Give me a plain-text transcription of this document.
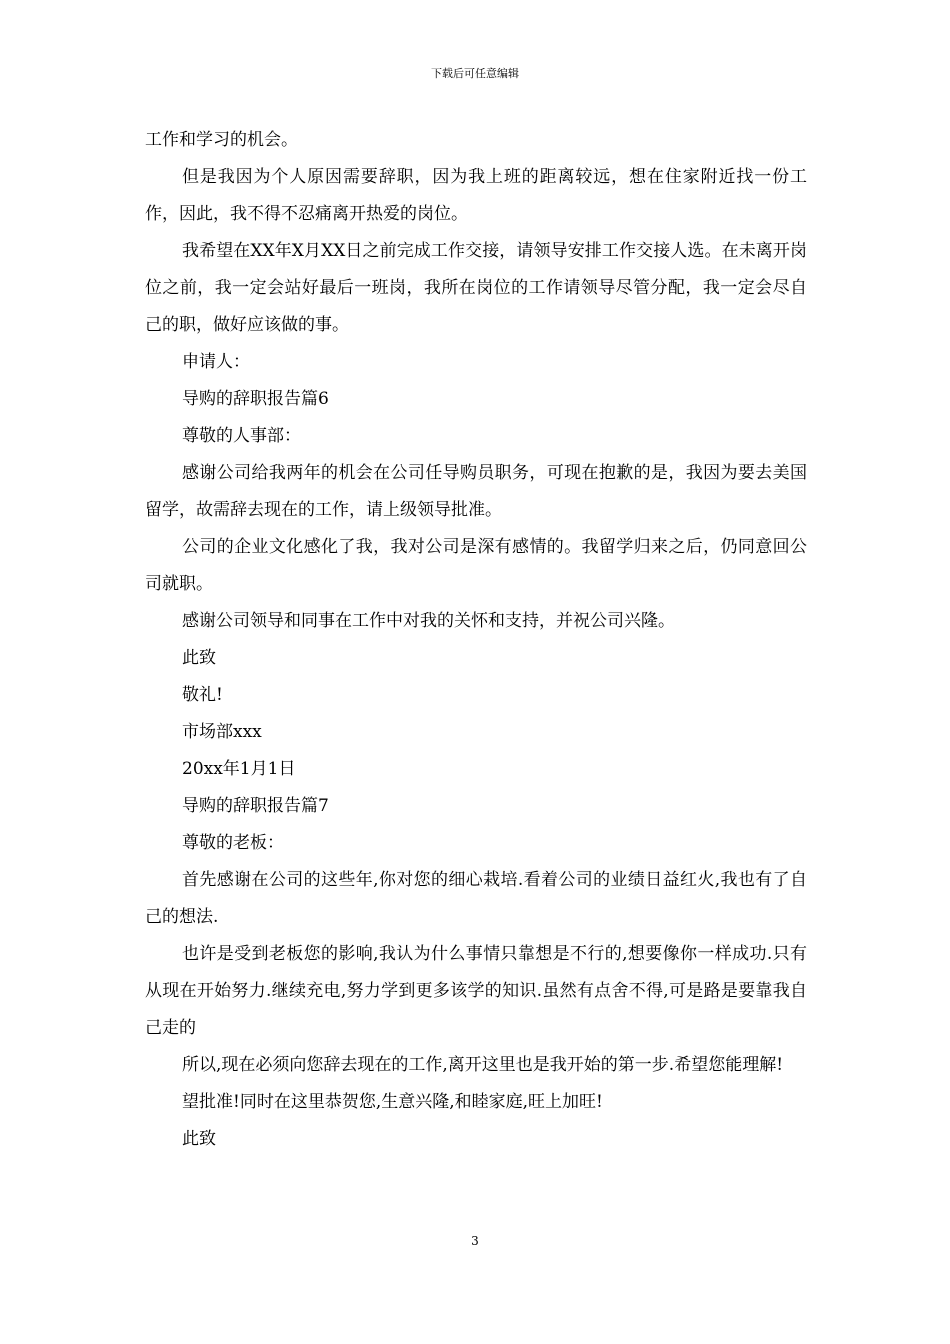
下载后可任意编辑

工作和学习的机会。

但是我因为个人原因需要辞职，因为我上班的距离较远，想在住家附近找一份工作，因此，我不得不忍痛离开热爱的岗位。

我希望在XX年X月XX日之前完成工作交接，请领导安排工作交接人选。在未离开岗位之前，我一定会站好最后一班岗，我所在岗位的工作请领导尽管分配，我一定会尽自己的职，做好应该做的事。

申请人：

导购的辞职报告篇6

尊敬的人事部：

感谢公司给我两年的机会在公司任导购员职务，可现在抱歉的是，我因为要去美国留学，故需辞去现在的工作，请上级领导批准。

公司的企业文化感化了我，我对公司是深有感情的。我留学归来之后，仍同意回公司就职。

感谢公司领导和同事在工作中对我的关怀和支持，并祝公司兴隆。

此致

敬礼!

市场部xxx

20xx年1月1日

导购的辞职报告篇7

尊敬的老板：

首先感谢在公司的这些年,你对您的细心栽培.看着公司的业绩日益红火,我也有了自己的想法.

也许是受到老板您的影响,我认为什么事情只靠想是不行的,想要像你一样成功.只有从现在开始努力.继续充电,努力学到更多该学的知识.虽然有点舍不得,可是路是要靠我自己走的

所以,现在必须向您辞去现在的工作,离开这里也是我开始的第一步.希望您能理解!

望批准!同时在这里恭贺您,生意兴隆,和睦家庭,旺上加旺!

此致

3
